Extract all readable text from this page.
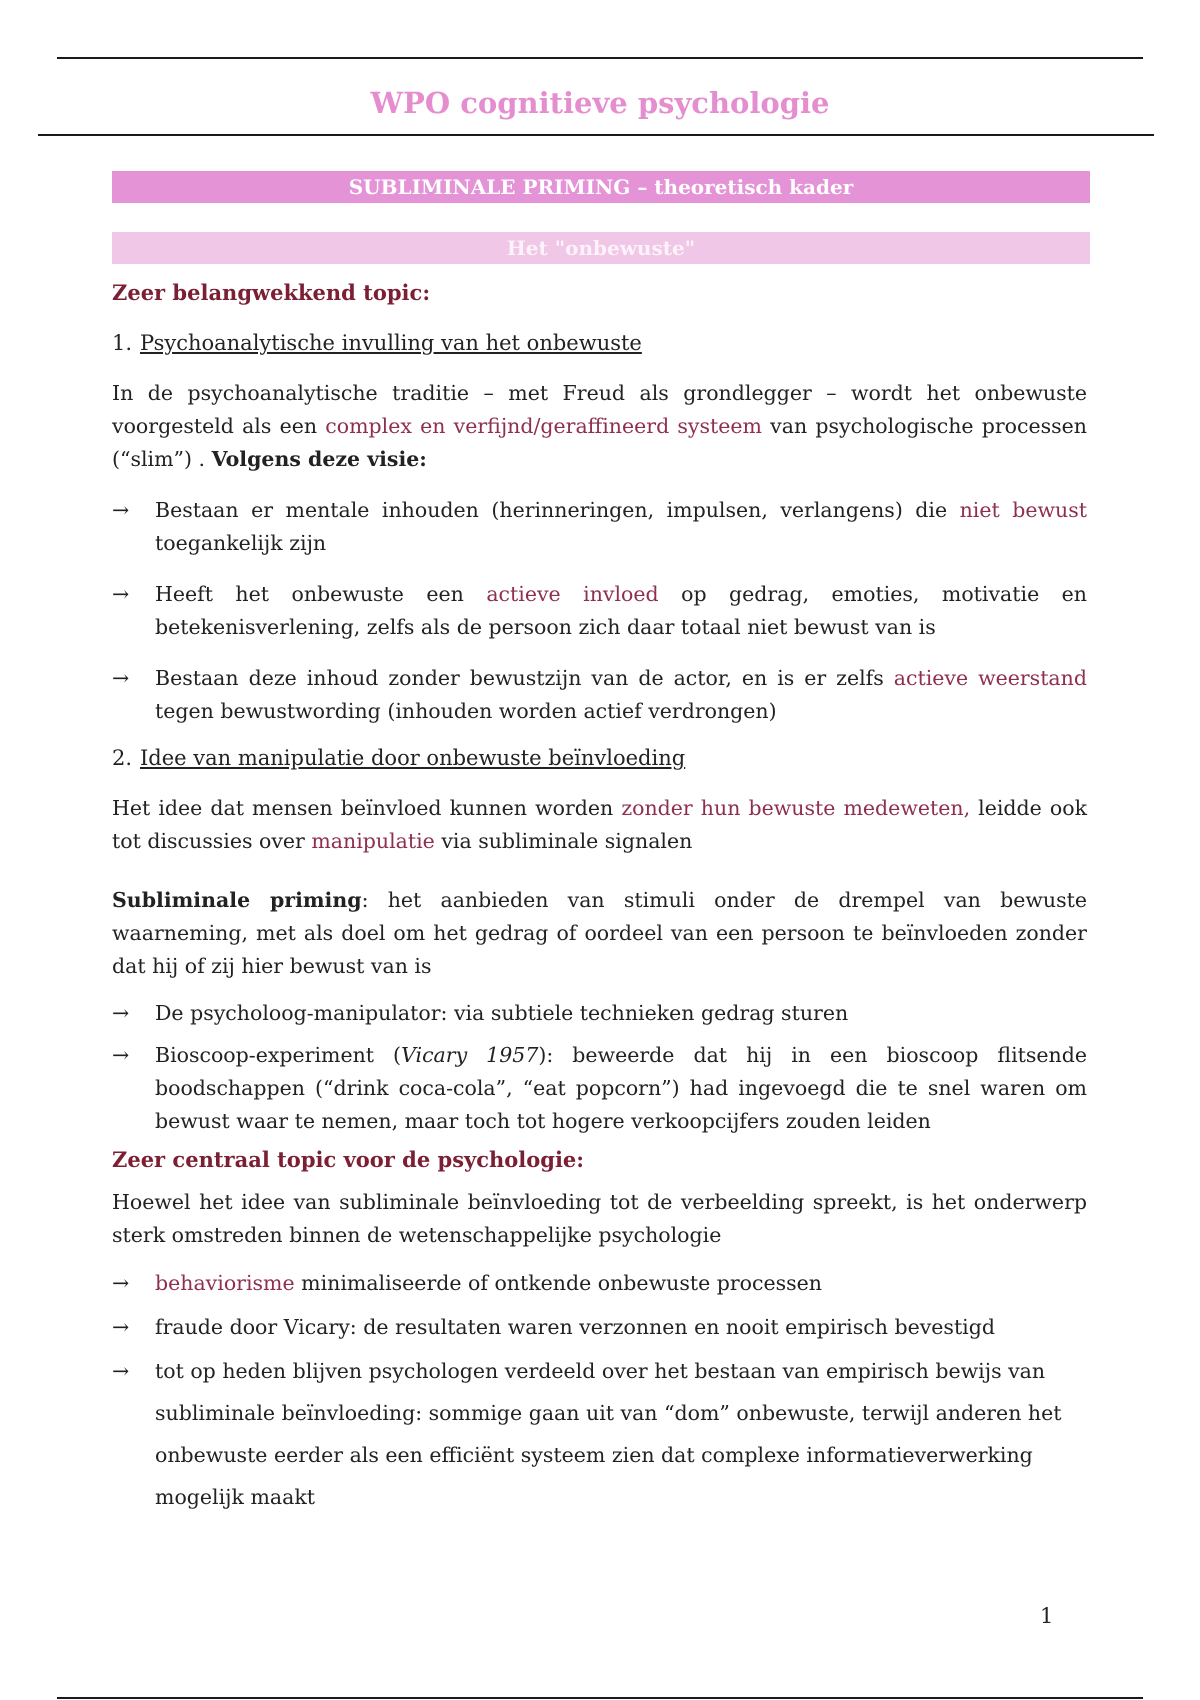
WPO cognitieve psychologie
SUBLIMINALE PRIMING – theoretisch kader
Het "onbewuste"
Zeer belangwekkend topic:
1. Psychoanalytische invulling van het onbewuste

In de psychoanalytische traditie – met Freud als grondlegger – wordt het onbewuste voorgesteld als een complex en verfijnd/geraffineerd systeem van psychologische processen (“slim”) . Volgens deze visie:

→ Bestaan er mentale inhouden (herinneringen, impulsen, verlangens) die niet bewust toegankelijk zijn
→ Heeft het onbewuste een actieve invloed op gedrag, emoties, motivatie en betekenisverlening, zelfs als de persoon zich daar totaal niet bewust van is
→ Bestaan deze inhoud zonder bewustzijn van de actor, en is er zelfs actieve weerstand tegen bewustwording (inhouden worden actief verdrongen)
2. Idee van manipulatie door onbewuste beïnvloeding

Het idee dat mensen beïnvloed kunnen worden zonder hun bewuste medeweten, leidde ook tot discussies over manipulatie via subliminale signalen

Subliminale priming: het aanbieden van stimuli onder de drempel van bewuste waarneming, met als doel om het gedrag of oordeel van een persoon te beïnvloeden zonder dat hij of zij hier bewust van is

→ De psycholoog-manipulator: via subtiele technieken gedrag sturen
→ Bioscoop-experiment (Vicary 1957): beweerde dat hij in een bioscoop flitsende boodschappen (“drink coca-cola”, “eat popcorn”) had ingevoegd die te snel waren om bewust waar te nemen, maar toch tot hogere verkoopcijfers zouden leiden
Zeer centraal topic voor de psychologie:

Hoewel het idee van subliminale beïnvloeding tot de verbeelding spreekt, is het onderwerp sterk omstreden binnen de wetenschappelijke psychologie

→ behaviorisme minimaliseerde of ontkende onbewuste processen
→ fraude door Vicary: de resultaten waren verzonnen en nooit empirisch bevestigd
→ tot op heden blijven psychologen verdeeld over het bestaan van empirisch bewijs van subliminale beïnvloeding: sommige gaan uit van “dom” onbewuste, terwijl anderen het onbewuste eerder als een efficiënt systeem zien dat complexe informatieverwerking mogelijk maakt
1
